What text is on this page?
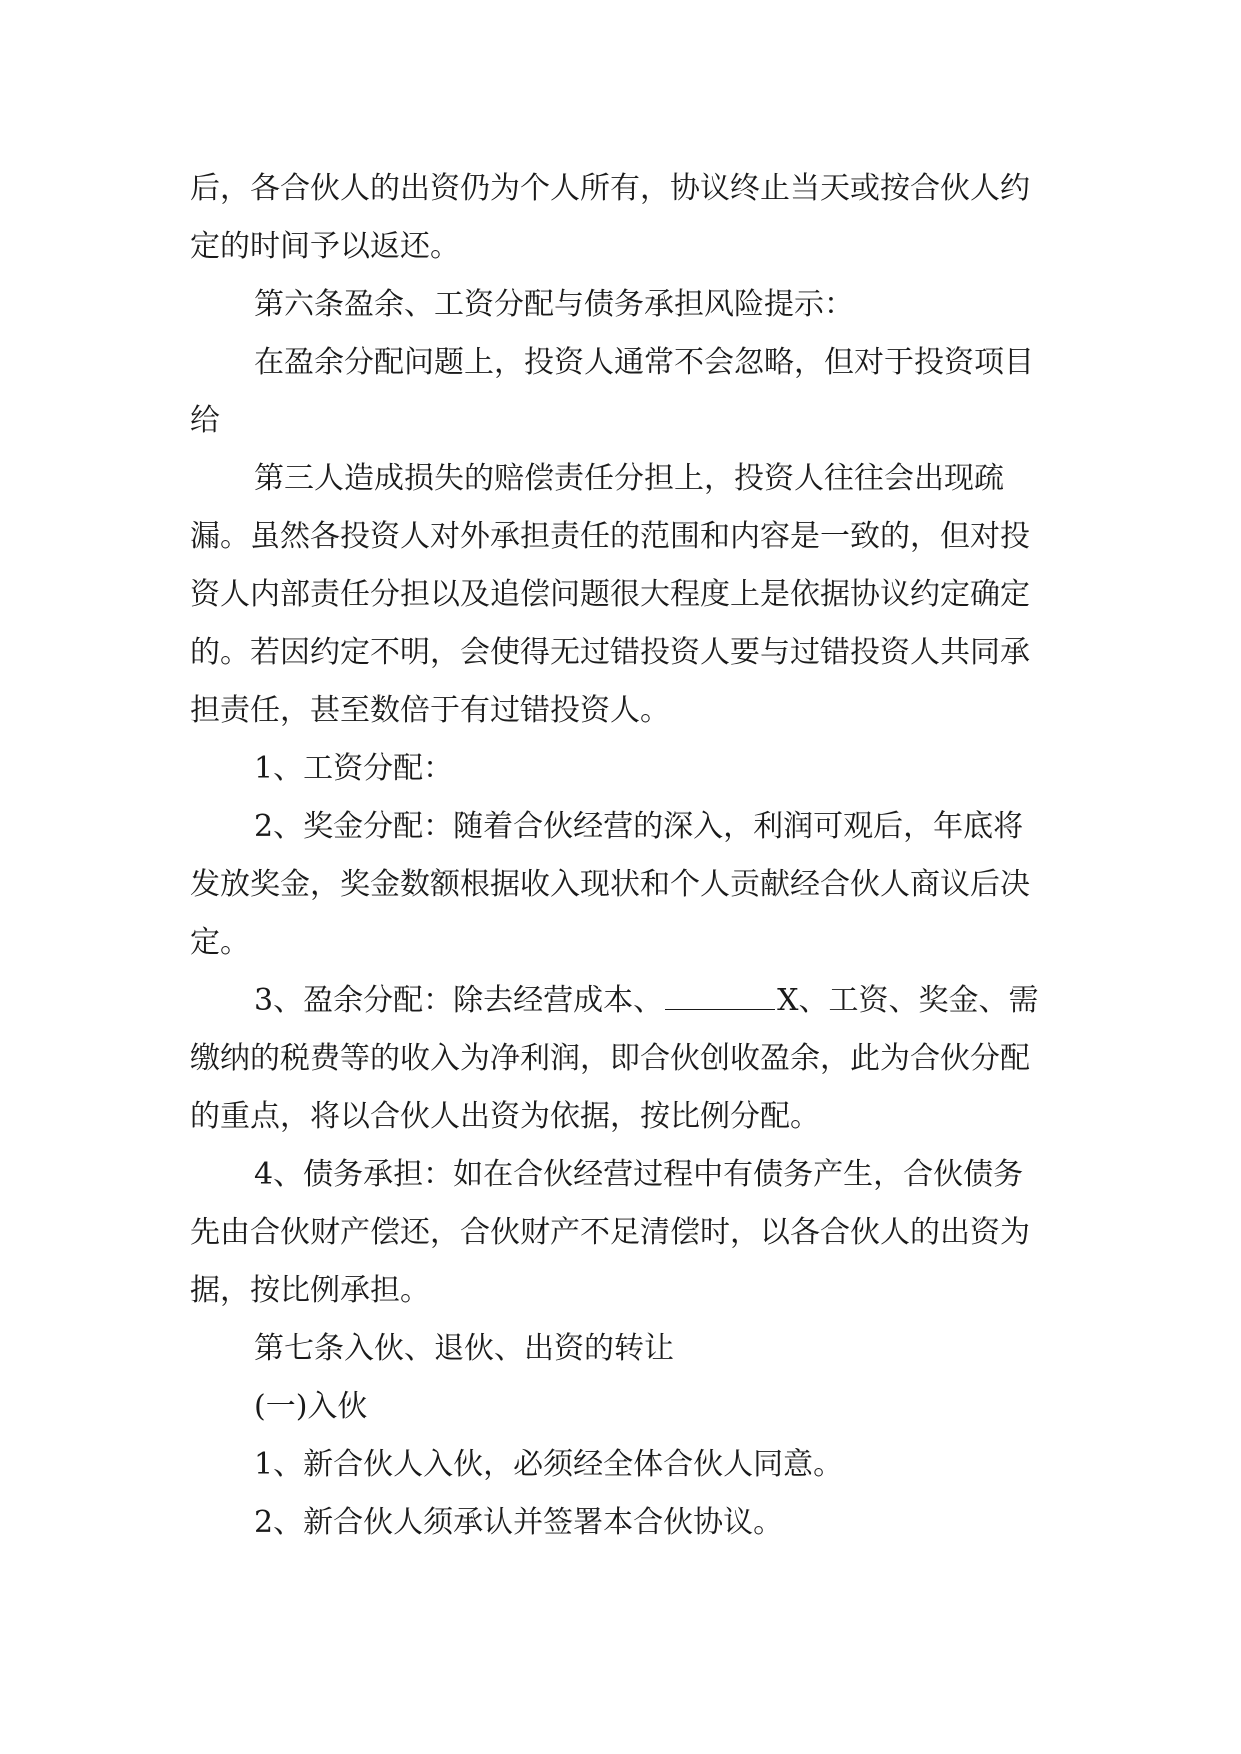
后，各合伙人的出资仍为个人所有，协议终止当天或按合伙人约定的时间予以返还。

第六条盈余、工资分配与债务承担风险提示：

在盈余分配问题上，投资人通常不会忽略，但对于投资项目给

第三人造成损失的赔偿责任分担上，投资人往往会出现疏漏。虽然各投资人对外承担责任的范围和内容是一致的，但对投资人内部责任分担以及追偿问题很大程度上是依据协议约定确定的。若因约定不明，会使得无过错投资人要与过错投资人共同承担责任，甚至数倍于有过错投资人。

1、工资分配：

2、奖金分配：随着合伙经营的深入，利润可观后，年底将发放奖金，奖金数额根据收入现状和个人贡献经合伙人商议后决定。

3、盈余分配：除去经营成本、	X、工资、奖金、需缴纳的税费等的收入为净利润，即合伙创收盈余，此为合伙分配的重点，将以合伙人出资为依据，按比例分配。

4、债务承担：如在合伙经营过程中有债务产生，合伙债务先由合伙财产偿还，合伙财产不足清偿时，以各合伙人的出资为据，按比例承担。

第七条入伙、退伙、出资的转让

(一)入伙

1、新合伙人入伙，必须经全体合伙人同意。

2、新合伙人须承认并签署本合伙协议。
